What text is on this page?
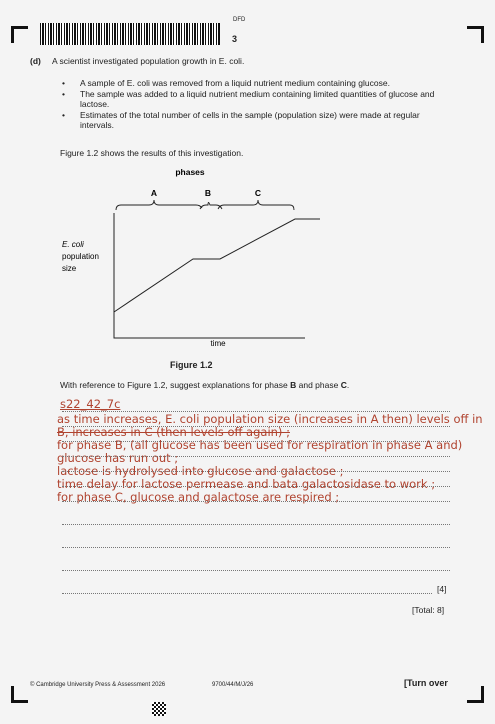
DFD
3
(d) A scientist investigated population growth in E. coli.
• A sample of E. coli was removed from a liquid nutrient medium containing glucose.
• The sample was added to a liquid nutrient medium containing limited quantities of glucose and lactose.
• Estimates of the total number of cells in the sample (population size) were made at regular intervals.
Figure 1.2 shows the results of this investigation.
phases
A	B	C
E. coli
population
size
time
Figure 1.2
With reference to Figure 1.2, suggest explanations for phase B and phase C.
s22_42_7c
as time increases, E. coli population size (increases in A then) levels off in
B, increases in C (then levels off again) ;
for phase B, (all glucose has been used for respiration in phase A and)
glucose has run out ;
lactose is hydrolysed into glucose and galactose ;
time delay for lactose permease and bata galactosidase to work ;
for phase C, glucose and galactose are respired ;
[4]
[Total: 8]
© Cambridge University Press & Assessment 2026	9700/44/M/J/26	[Turn over
